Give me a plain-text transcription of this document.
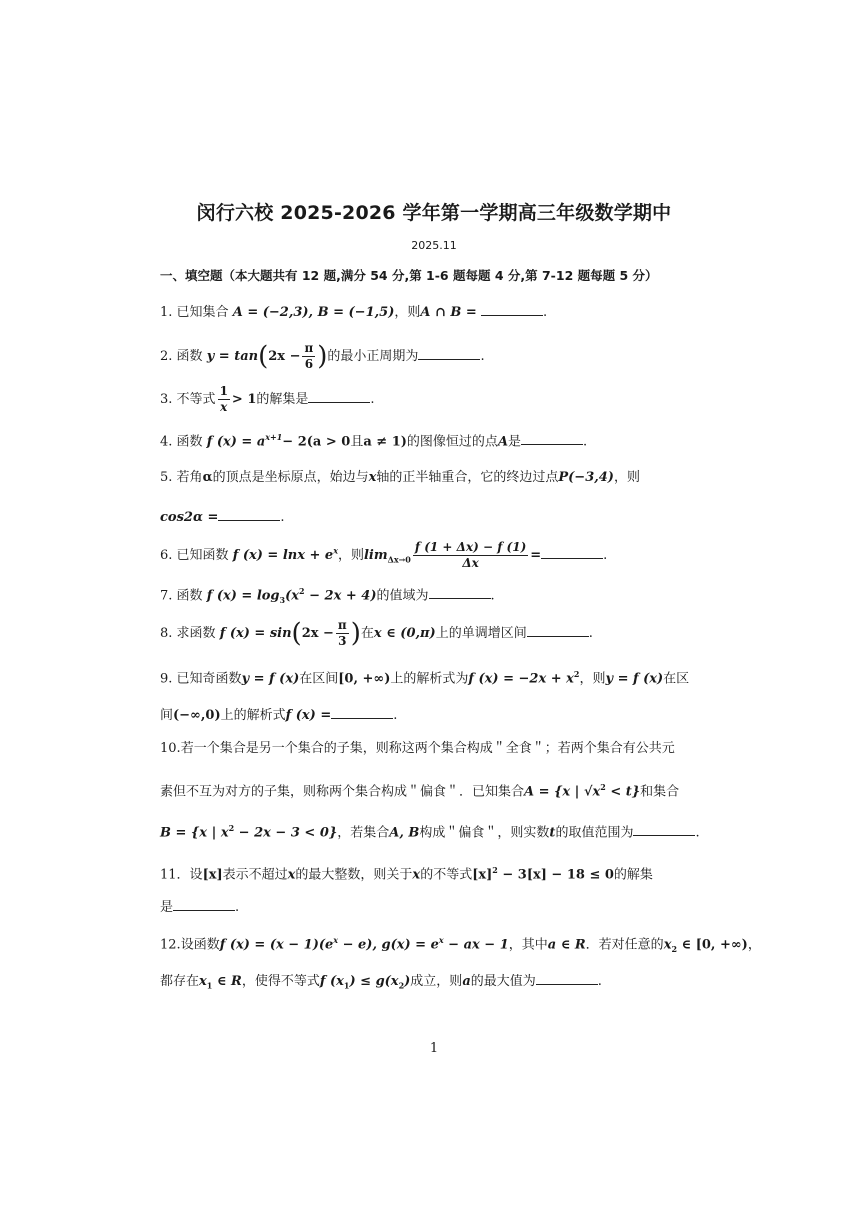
闵行六校 2025-2026 学年第一学期高三年级数学期中
2025.11
一、填空题（本大题共有 12 题,满分 54 分,第 1-6 题每题 4 分,第 7-12 题每题 5 分）
1. 已知集合 A = (−2,3), B = (−1,5)，则A ∩ B =	.
2. 函数 $y = \tan(2x - \frac{\pi}{6}$ )的最小正周期为	.
3. 不等式 $\frac{1}{x} > 1$的解集是	.
4. 函数 f $(x) = a^{x+1}- 2(a > 0$且a ≠ 1)的图像恒过的点A是	.
5. 若角α的顶点是坐标原点，始边与x轴的正半轴重合，它的终边过点P(−3,4)，则
cos2α =	.
6. 已知函数 f $(x) = \ln x + e^x$，则$\lim_{\Delta x\to 0} \frac{f (1 + \Delta x) - f (1)}{\Delta x}$ =	.
7. 函数 f $(x) = \log_3(x^2 - 2x + 4)$的值域为	.
8. 求函数 f $(x) = \sin(2x - \frac{\pi}{3}$ )在x ∈ (0,π)上的单调增区间	.
9. 已知奇函数y = f (x)在区间[0, +∞)上的解析式为f $(x) = -2x + x^2$，则y = f (x)在区
间(−∞,0)上的解析式f (x) =	.
10.若一个集合是另一个集合的子集，则称这两个集合构成＂全食＂；若两个集合有公共元
素但不互为对方的子集，则称两个集合构成＂偏食＂．已知集合A = {x | $√x^2 < t$}和集合
B = {x | $x^2 - 2x - 3 < 0$}，若集合A, B构成＂偏食＂，则实数t的取值范围为	.
11．设[x]表示不超过x的最大整数，则关于x的不等式$[x]^2 - 3[x] - 18 \le 0$的解集
是	.
12.设函数f $(x) = (x - 1)(e^x - e)$, $g(x) = e^x$ − ax − 1，其中a ∈ R．若对任意的$x_2$ ∈ [0, +∞)，
都存在$x_1$ ∈ R，使得不等式f $(x_1) \le g(x_2)$成立，则a的最大值为	.
1
